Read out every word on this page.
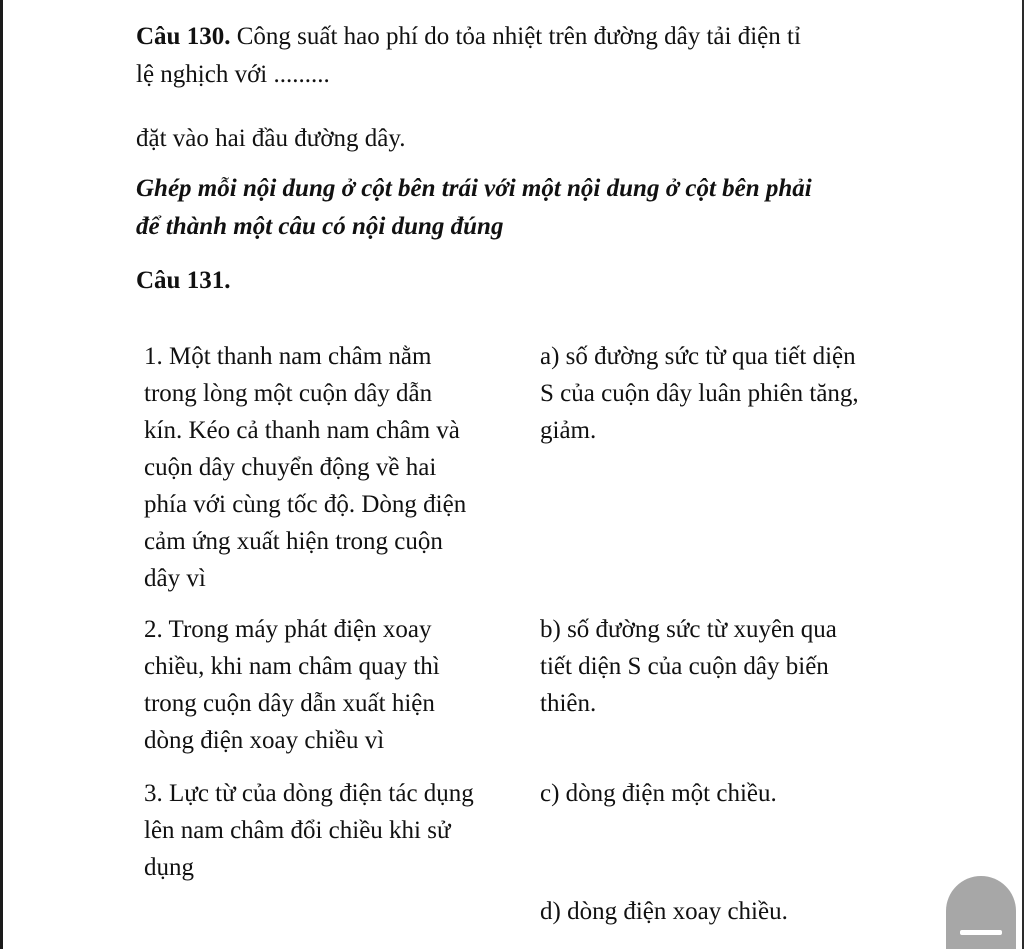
Câu 130. Công suất hao phí do tỏa nhiệt trên đường dây tải điện tỉ
lệ nghịch với .........
đặt vào hai đầu đường dây.
Ghép mỗi nội dung ở cột bên trái với một nội dung ở cột bên phải
để thành một câu có nội dung đúng
Câu 131.
1. Một thanh nam châm nằm
trong lòng một cuộn dây dẫn
kín. Kéo cả thanh nam châm và
cuộn dây chuyển động về hai
phía với cùng tốc độ. Dòng điện
cảm ứng xuất hiện trong cuộn
dây vì
a) số đường sức từ qua tiết diện
S của cuộn dây luân phiên tăng,
giảm.
2. Trong máy phát điện xoay
chiều, khi nam châm quay thì
trong cuộn dây dẫn xuất hiện
dòng điện xoay chiều vì
b) số đường sức từ xuyên qua
tiết diện S của cuộn dây biến
thiên.
3. Lực từ của dòng điện tác dụng
lên nam châm đổi chiều khi sử
dụng
c) dòng điện một chiều.
d) dòng điện xoay chiều.
